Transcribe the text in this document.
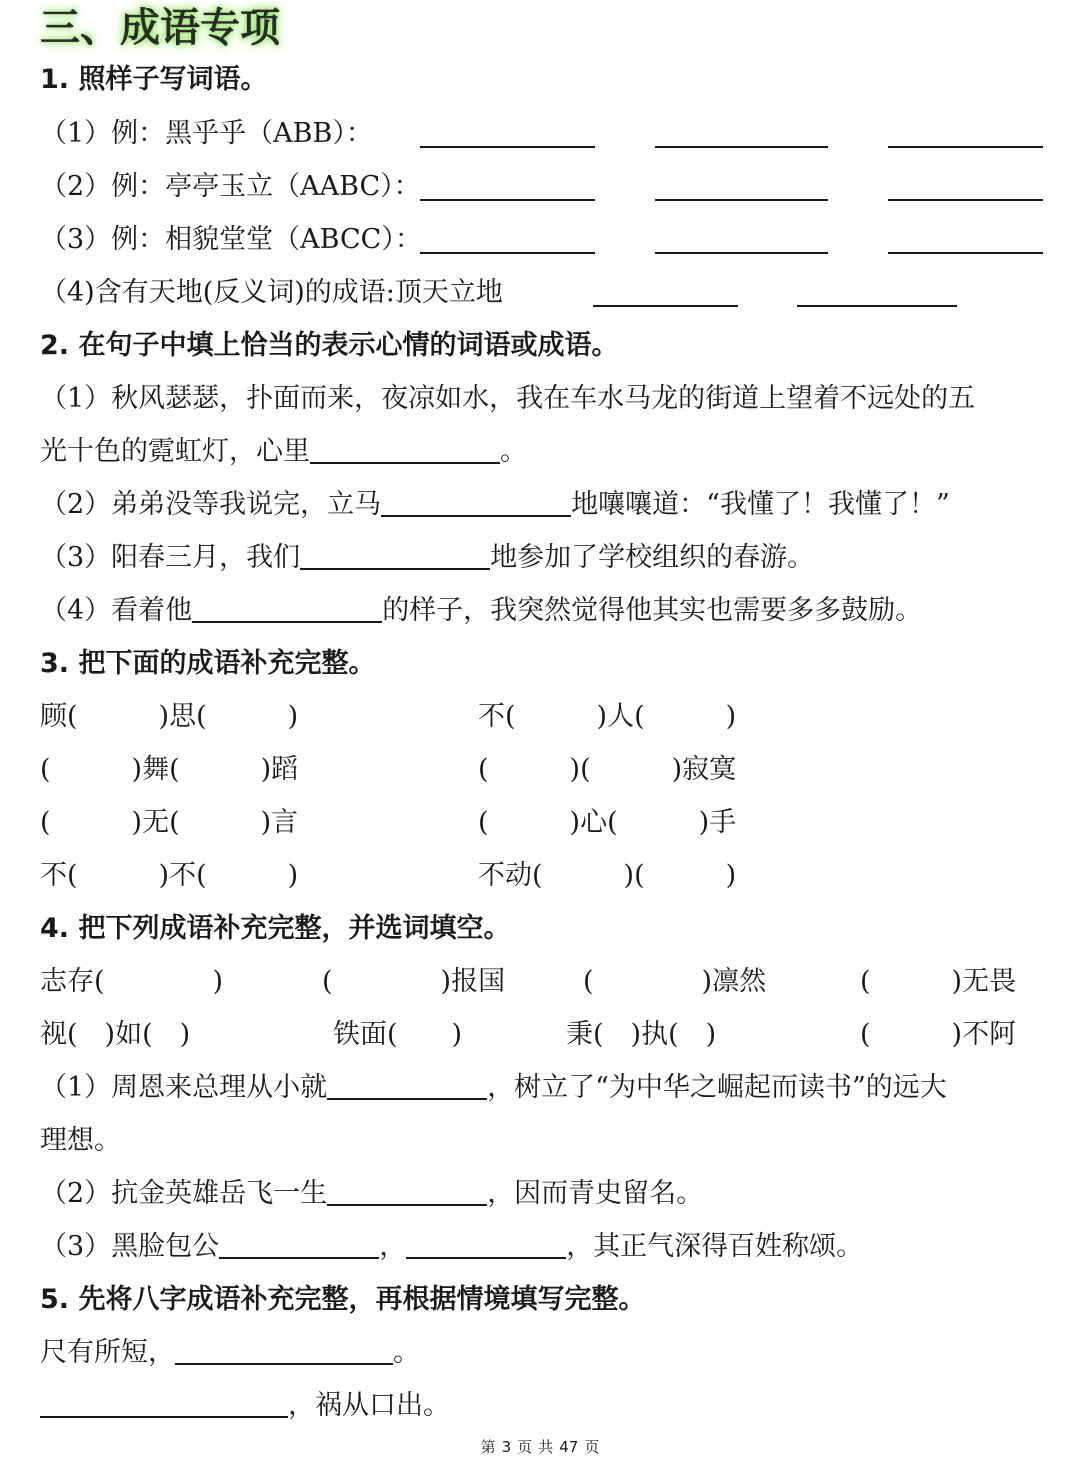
三、成语专项
1. 照样子写词语。
（1）例：黑乎乎（ABB）：
（2）例：亭亭玉立（AABC）：
（3）例：相貌堂堂（ABCC）：
（4)含有天地(反义词)的成语:顶天立地
2. 在句子中填上恰当的表示心情的词语或成语。
（1）秋风瑟瑟，扑面而来，夜凉如水，我在车水马龙的街道上望着不远处的五
光十色的霓虹灯，心里	。
（2）弟弟没等我说完，立马	地嚷嚷道：“我懂了！我懂了！”
（3）阳春三月，我们	地参加了学校组织的春游。
（4）看着他	的样子，我突然觉得他其实也需要多多鼓励。
3. 把下面的成语补充完整。
顾(　　　)思(　　　)	不(　　　)人(　　　)
(　　　)舞(　　　)蹈	(　　　)(　　　)寂寞
(　　　)无(　　　)言	(　　　)心(　　　)手
不(　　　)不(　　　)	不动(　　　)(　　　)
4. 把下列成语补充完整，并选词填空。
志存(　　　　)	(　　　　)报国	(　　　　)凛然	(　　　)无畏
视(　)如(　)	铁面(　　)	秉(　)执(　)	(　　　)不阿
（1）周恩来总理从小就	，树立了“为中华之崛起而读书”的远大
理想。
（2）抗金英雄岳飞一生	，因而青史留名。
（3）黑脸包公	，	，其正气深得百姓称颂。
5. 先将八字成语补充完整，再根据情境填写完整。
尺有所短，	。
，祸从口出。
第 3 页 共 47 页
